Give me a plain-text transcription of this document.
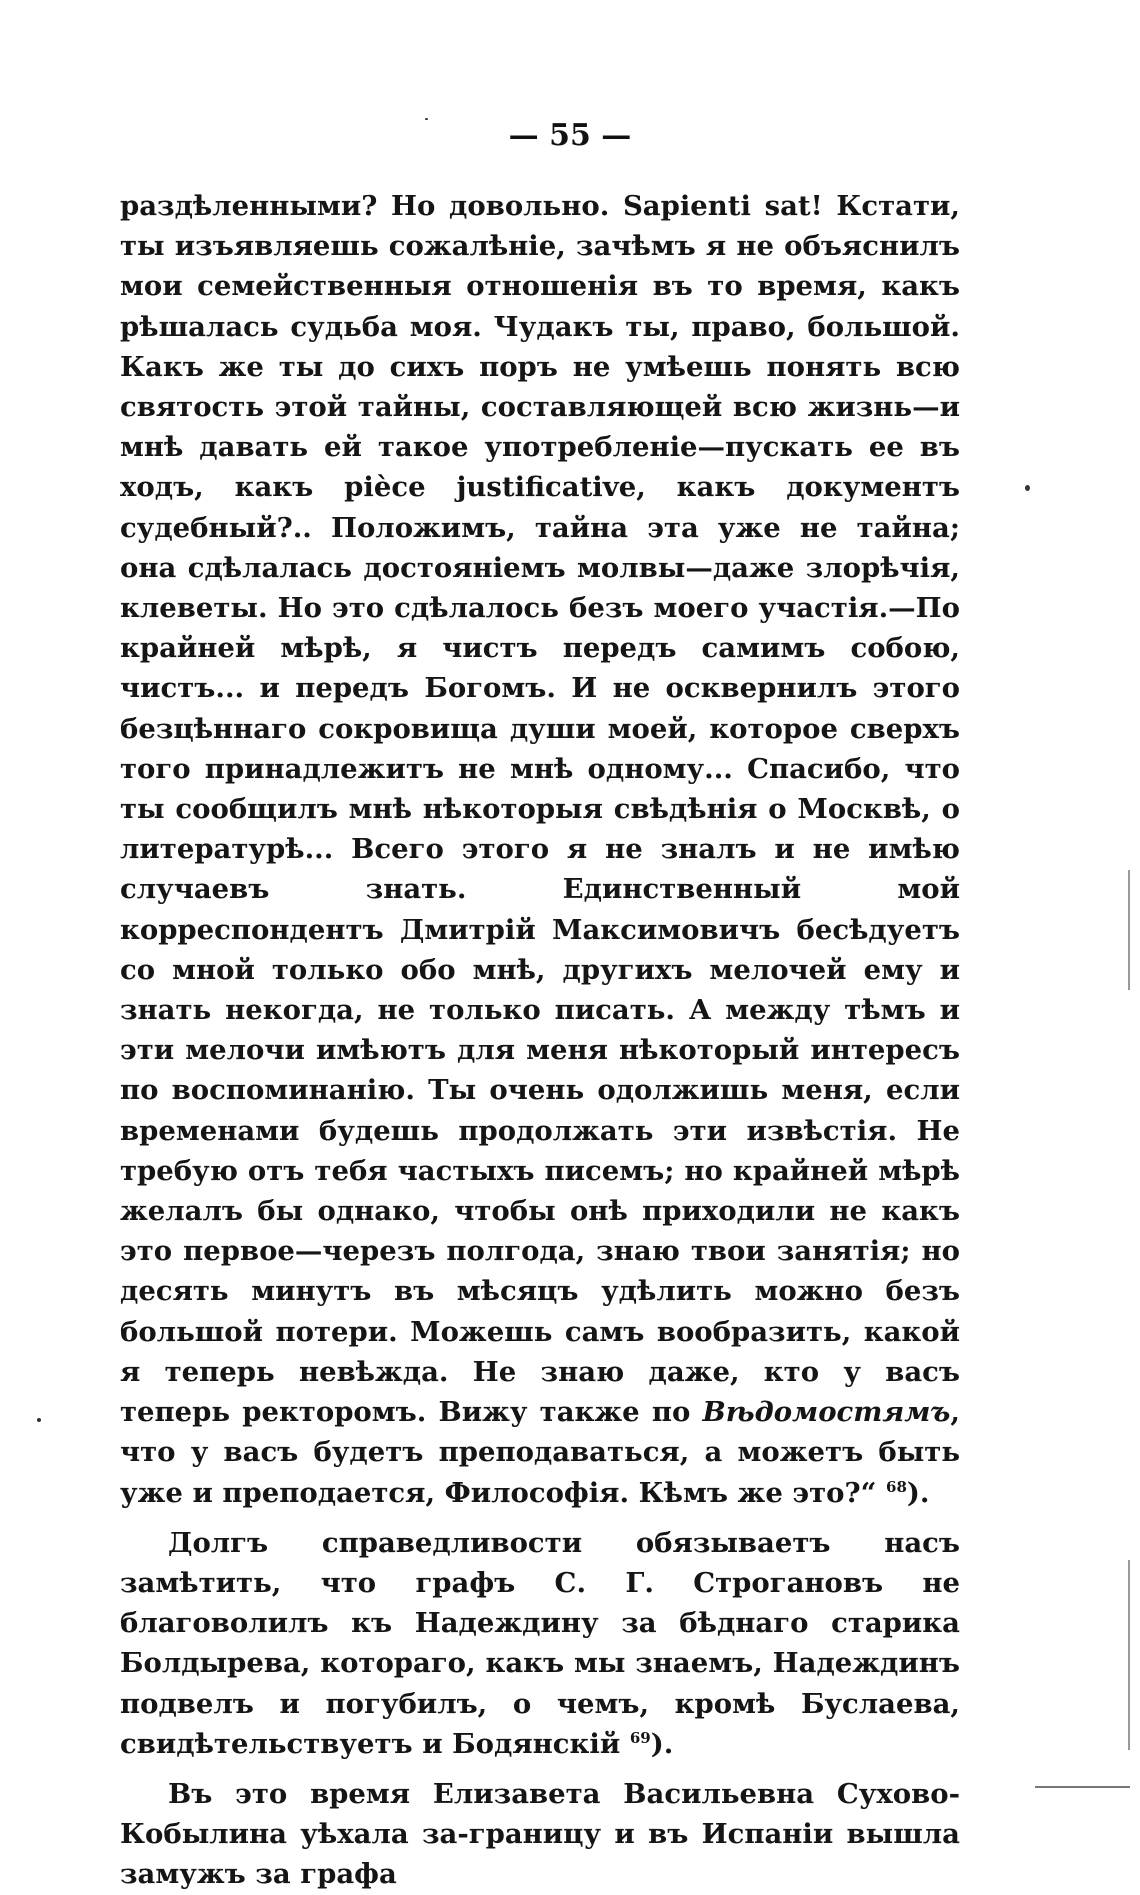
— 55 —

раздѣленными? Но довольно. Sapienti sat! Кстати, ты изъявляешь сожалѣніе, зачѣмъ я не объяснилъ мои семейственныя отношенія въ то время, какъ рѣшалась судьба моя. Чудакъ ты, право, большой. Какъ же ты до сихъ поръ не умѣешь понять всю святость этой тайны, составляющей всю жизнь—и мнѣ давать ей такое употребленіе—пускать ее въ ходъ, какъ pièce justificative, какъ документъ судебный?.. Положимъ, тайна эта уже не тайна; она сдѣлалась достояніемъ молвы—даже злорѣчія, клеветы. Но это сдѣлалось безъ моего участія.—По крайней мѣрѣ, я чистъ передъ самимъ собою, чистъ... и передъ Богомъ. И не осквернилъ этого безцѣннаго сокровища души моей, которое сверхъ того принадлежитъ не мнѣ одному... Спасибо, что ты сообщилъ мнѣ нѣкоторыя свѣдѣнія о Москвѣ, о литературѣ... Всего этого я не зналъ и не имѣю случаевъ знать. Единственный мой корреспондентъ Дмитрій Максимовичъ бесѣдуетъ со мной только обо мнѣ, другихъ мелочей ему и знать некогда, не только писать. А между тѣмъ и эти мелочи имѣютъ для меня нѣкоторый интересъ по воспоминанію. Ты очень одолжишь меня, если временами будешь продолжать эти извѣстія. Не требую отъ тебя частыхъ писемъ; но крайней мѣрѣ желалъ бы однако, чтобы онѣ приходили не какъ это первое—черезъ полгода, знаю твои занятія; но десять минутъ въ мѣсяцъ удѣлить можно безъ большой потери. Можешь самъ вообразить, какой я теперь невѣжда. Не знаю даже, кто у васъ теперь ректоромъ. Вижу также по Вѣдомостямъ, что у васъ будетъ преподаваться, а можетъ быть уже и преподается, Философія. Кѣмъ же это?“ $^{68}$).

Долгъ справедливости обязываетъ насъ замѣтить, что графъ С. Г. Строгановъ не благоволилъ къ Надеждину за бѣднаго старика Болдырева, котораго, какъ мы знаемъ, Надеждинъ подвелъ и погубилъ, о чемъ, кромѣ Буслаева, свидѣтельствуетъ и Бодянскій $^{69}$).

Въ это время Елизавета Васильевна Сухово-Кобылина уѣхала за-границу и въ Испаніи вышла замужъ за графа
